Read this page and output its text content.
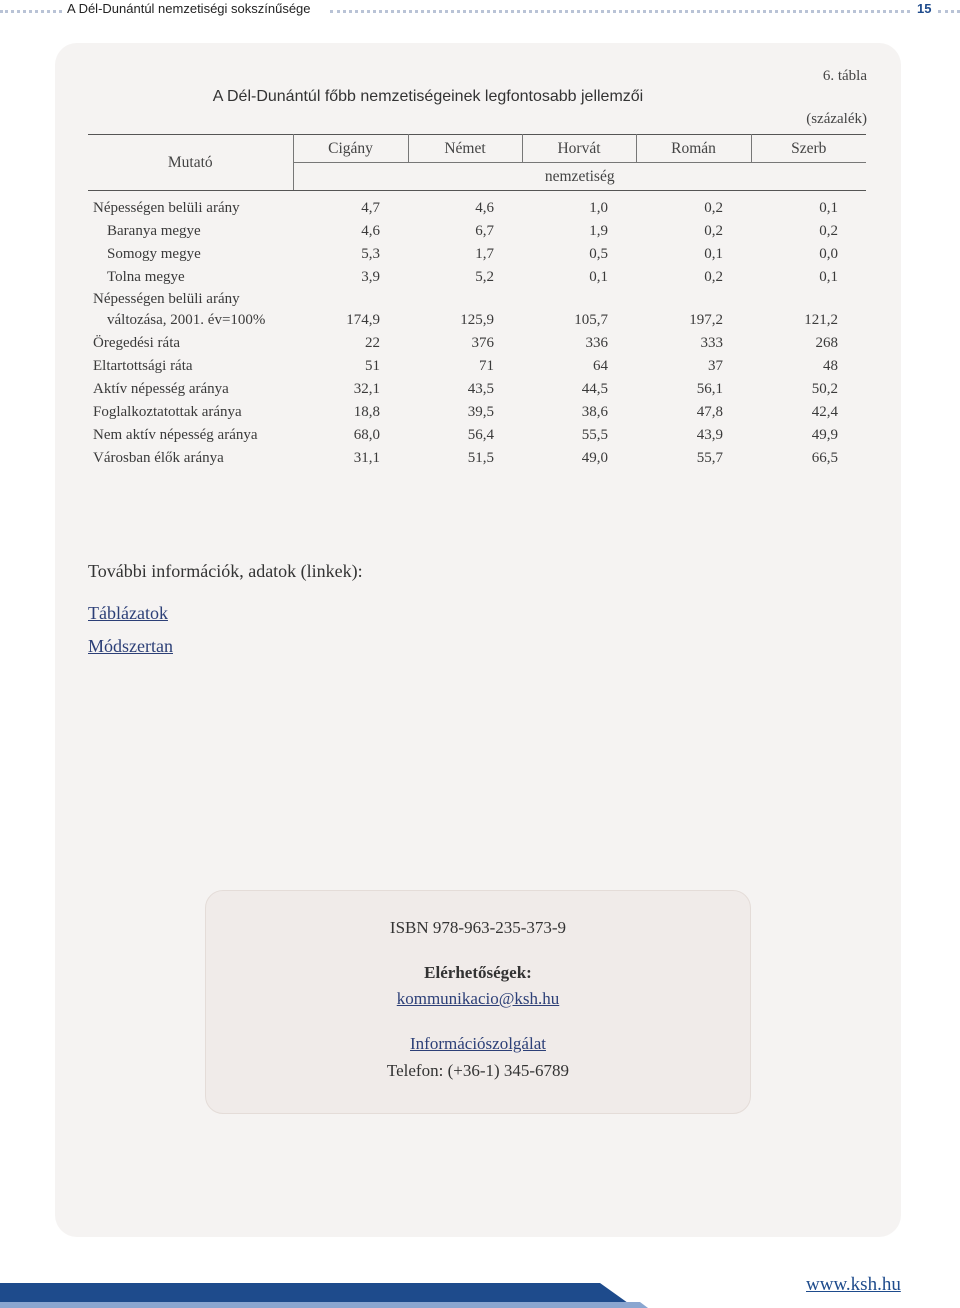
A Dél-Dunántúl nemzetiségi sokszínűsége	15
6. tábla
A Dél-Dunántúl főbb nemzetiségeinek legfontosabb jellemzői
(százalék)
Mutató	Cigány	Német	Horvát	Román	Szerb
	nemzetiség				
Népességen belüli arány	4,7	4,6	1,0	0,2	0,1
Baranya megye	4,6	6,7	1,9	0,2	0,2
Somogy megye	5,3	1,7	0,5	0,1	0,0
Tolna megye	3,9	5,2	0,1	0,2	0,1
Népességen belüli arány					
változása, 2001. év=100%	174,9	125,9	105,7	197,2	121,2
Öregedési ráta	22	376	336	333	268
Eltartottsági ráta	51	71	64	37	48
Aktív népesség aránya	32,1	43,5	44,5	56,1	50,2
Foglalkoztatottak aránya	18,8	39,5	38,6	47,8	42,4
Nem aktív népesség aránya	68,0	56,4	55,5	43,9	49,9
Városban élők aránya	31,1	51,5	49,0	55,7	66,5
További információk, adatok (linkek):
Táblázatok
Módszertan
ISBN 978-963-235-373-9
Elérhetőségek:
kommunikacio@ksh.hu
Információszolgálat
Telefon: (+36-1) 345-6789
www.ksh.hu
